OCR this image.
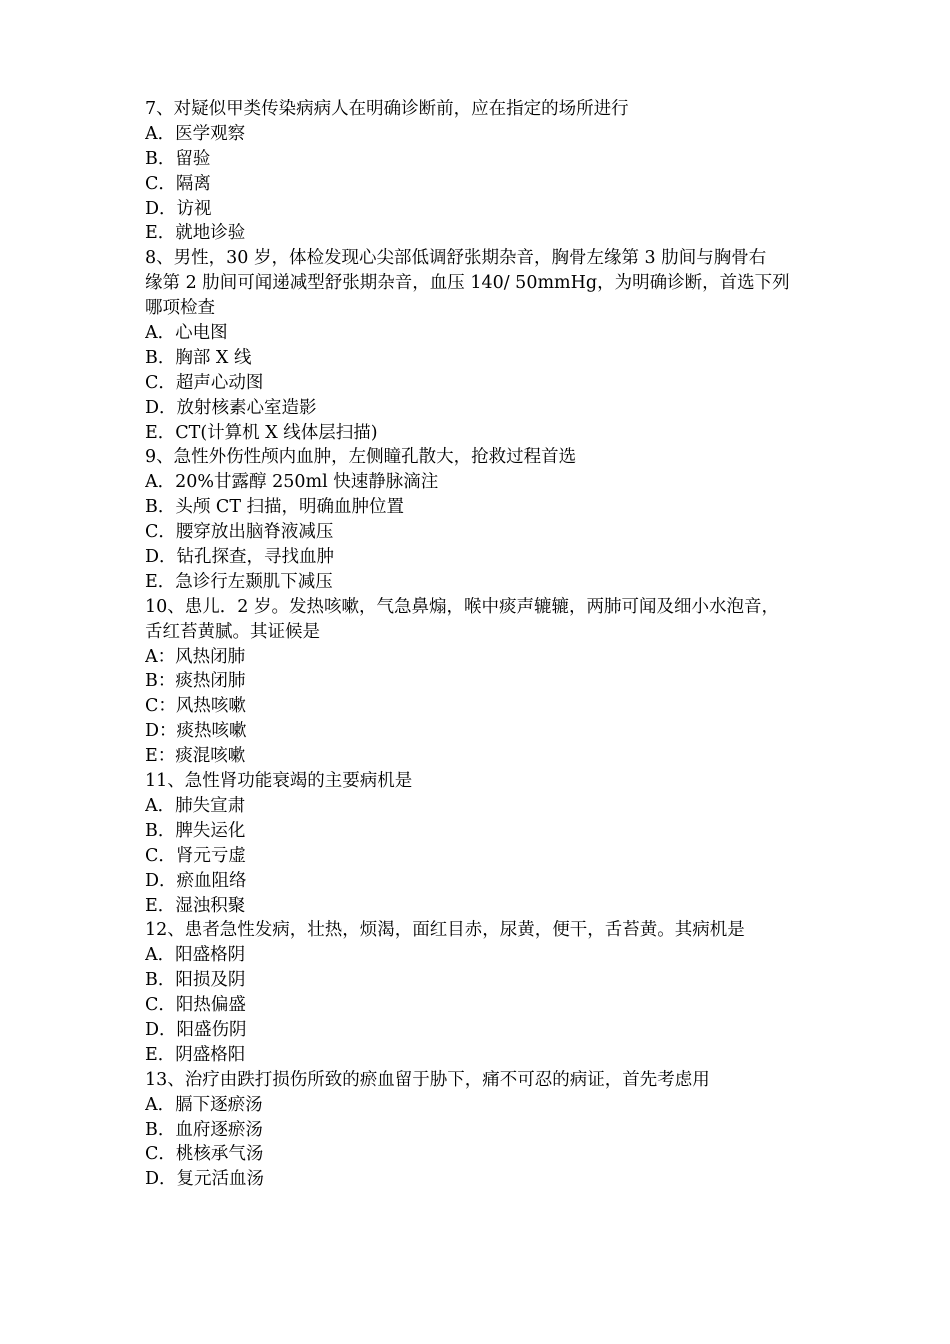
7、对疑似甲类传染病病人在明确诊断前，应在指定的场所进行
A．医学观察
B．留验
C．隔离
D．访视
E．就地诊验
8、男性，30 岁，体检发现心尖部低调舒张期杂音，胸骨左缘第 3 肋间与胸骨右
缘第 2 肋间可闻递减型舒张期杂音，血压 140/ 50mmHg，为明确诊断，首选下列
哪项检查
A．心电图
B．胸部 X 线
C．超声心动图
D．放射核素心室造影
E．CT(计算机 X 线体层扫描)
9、急性外伤性颅内血肿，左侧瞳孔散大，抢救过程首选
A．20%甘露醇 250ml 快速静脉滴注
B．头颅 CT 扫描，明确血肿位置
C．腰穿放出脑脊液减压
D．钻孔探查，寻找血肿
E．急诊行左颞肌下减压
10、患儿．2 岁。发热咳嗽，气急鼻煽，喉中痰声辘辘，两肺可闻及细小水泡音，
舌红苔黄腻。其证候是
A：风热闭肺
B：痰热闭肺
C：风热咳嗽
D：痰热咳嗽
E：痰混咳嗽
11、急性肾功能衰竭的主要病机是
A．肺失宣肃
B．脾失运化
C．肾元亏虚
D．瘀血阻络
E．湿浊积聚
12、患者急性发病，壮热，烦渴，面红目赤，尿黄，便干，舌苔黄。其病机是
A．阳盛格阴
B．阳损及阴
C．阳热偏盛
D．阳盛伤阴
E．阴盛格阳
13、治疗由跌打损伤所致的瘀血留于胁下，痛不可忍的病证，首先考虑用
A．膈下逐瘀汤
B．血府逐瘀汤
C．桃核承气汤
D．复元活血汤
